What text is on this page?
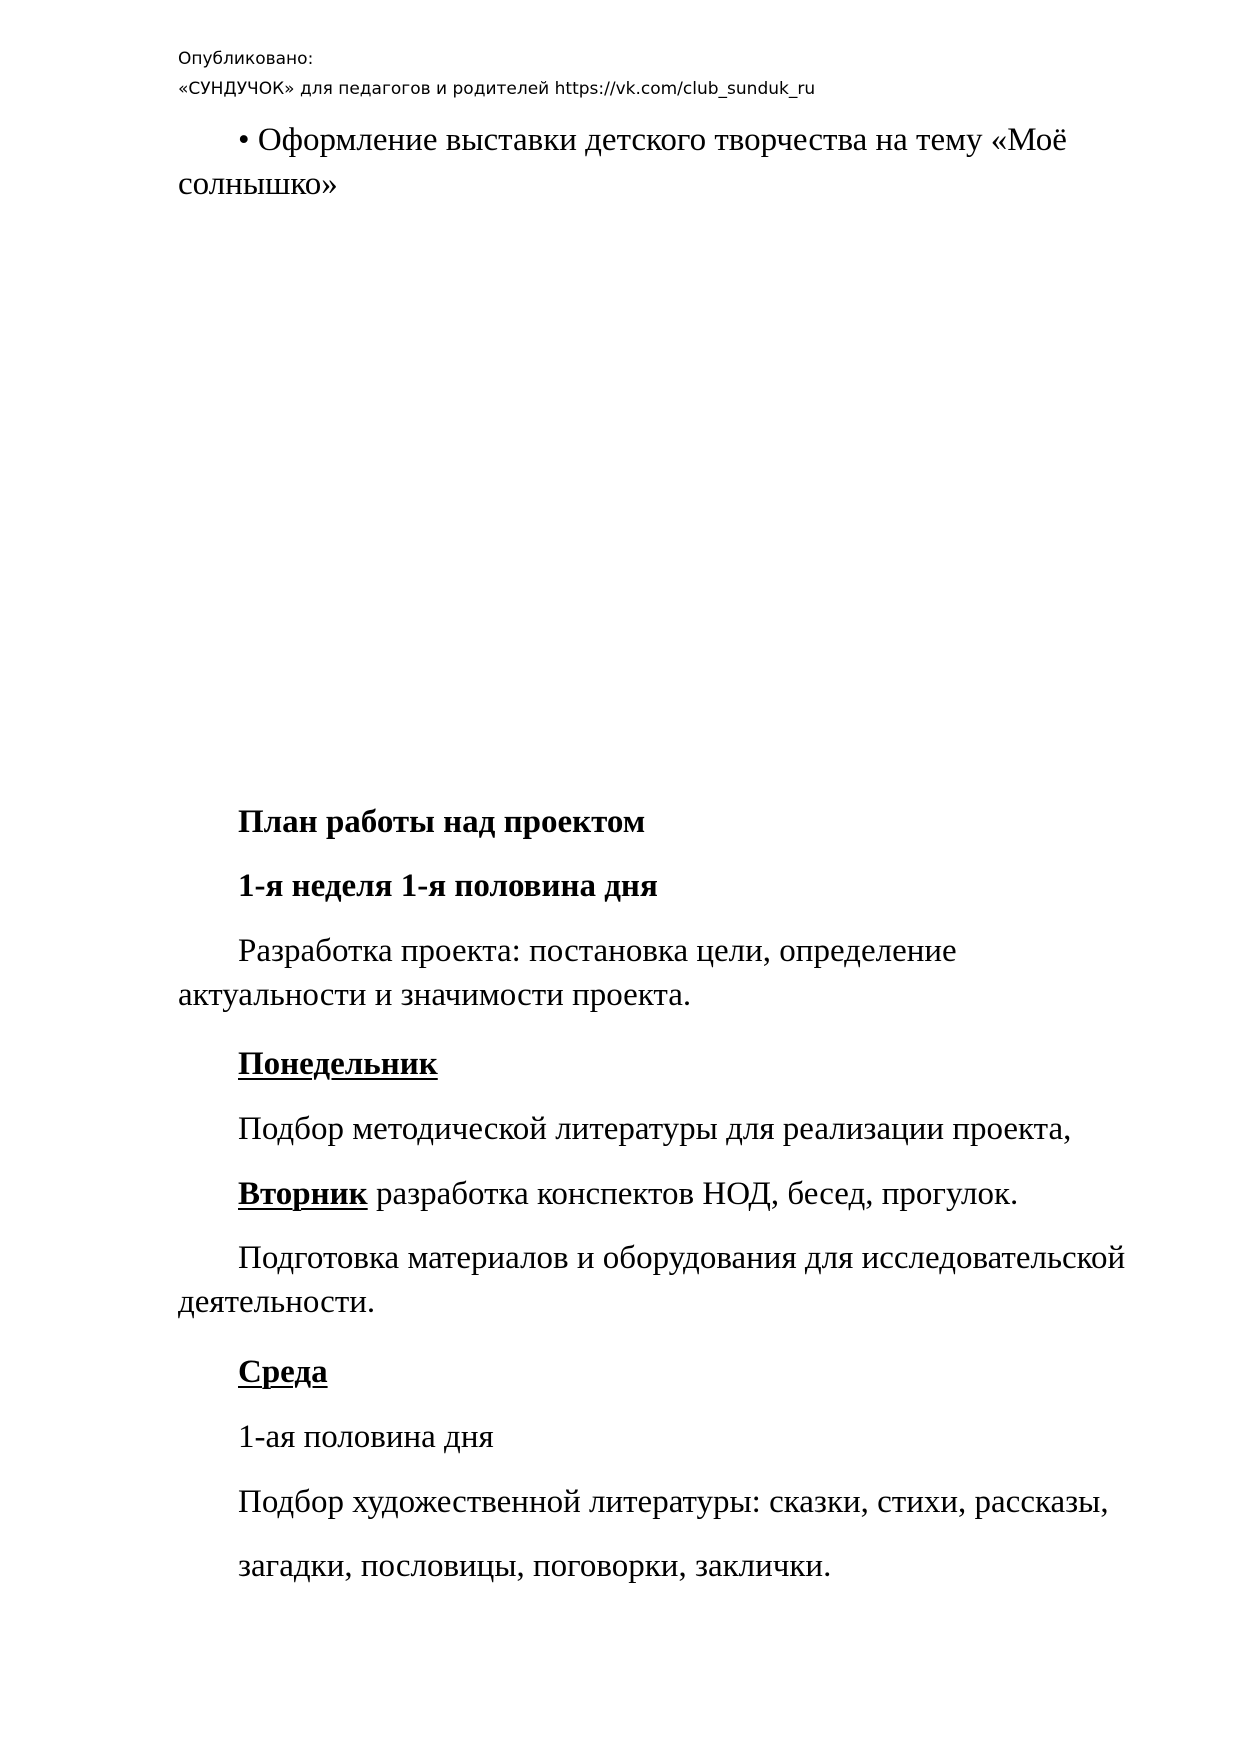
Опубликовано:
«СУНДУЧОК» для педагогов и родителей https://vk.com/club_sunduk_ru
• Оформление выставки детского творчества на тему «Моё
солнышко»
План работы над проектом
1-я неделя 1-я половина дня
Разработка проекта: постановка цели, определение
актуальности и значимости проекта.
Понедельник
Подбор методической литературы для реализации проекта,
Вторник разработка конспектов НОД, бесед, прогулок.
Подготовка материалов и оборудования для исследовательской
деятельности.
Среда
1-ая половина дня
Подбор художественной литературы: сказки, стихи, рассказы,
загадки, пословицы, поговорки, заклички.
